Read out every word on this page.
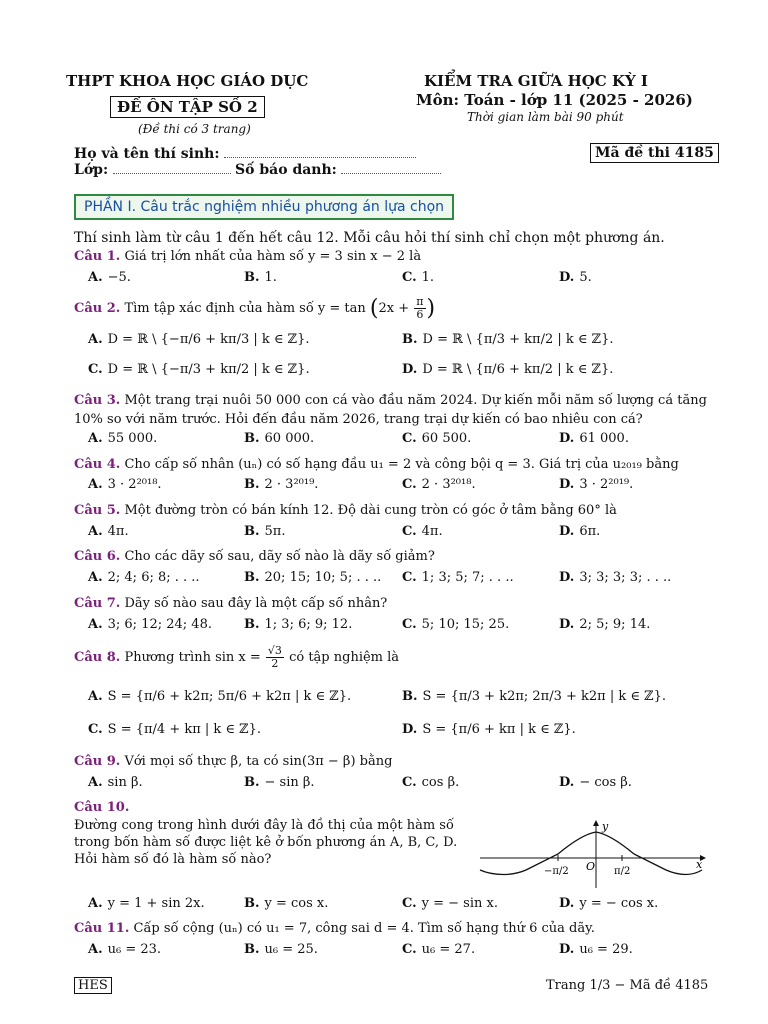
THPT KHOA HỌC GIÁO DỤC
ĐỀ ÔN TẬP SỐ 2
(Đề thi có 3 trang)
KIỂM TRA GIỮA HỌC KỲ I
Môn: Toán - lớp 11 (2025 - 2026)
Thời gian làm bài 90 phút
Họ và tên thí sinh:
Lớp:	Số báo danh:
Mã đề thi 4185
PHẦN I. Câu trắc nghiệm nhiều phương án lựa chọn
Thí sinh làm từ câu 1 đến hết câu 12. Mỗi câu hỏi thí sinh chỉ chọn một phương án.
Câu 1. Giá trị lớn nhất của hàm số y = 3 sin x − 2 là
A. −5.	B. 1.	C. 1.	D. 5.
Câu 2. Tìm tập xác định của hàm số $y = \tan (2x + \frac{\pi}{6}$ )
A. D = ℝ \ {−π/6 + kπ/3 | k ∈ ℤ}.	B. D = ℝ \ {π/3 + kπ/2 | k ∈ ℤ}.
C. D = ℝ \ {−π/3 + kπ/2 | k ∈ ℤ}.	D. D = ℝ \ {π/6 + kπ/2 | k ∈ ℤ}.
Câu 3. Một trang trại nuôi 50 000 con cá vào đầu năm 2024. Dự kiến mỗi năm số lượng cá tăng
10% so với năm trước. Hỏi đến đầu năm 2026, trang trại dự kiến có bao nhiêu con cá?
A. 55 000.	B. 60 000.	C. 60 500.	D. 61 000.
Câu 4. Cho cấp số nhân (uₙ) có số hạng đầu u₁ = 2 và công bội q = 3. Giá trị của u₂₀₁₉ bằng
A. 3 · 2²⁰¹⁸.	B. 2 · 3²⁰¹⁹.	C. 2 · 3²⁰¹⁸.	D. 3 · 2²⁰¹⁹.
Câu 5. Một đường tròn có bán kính 12. Độ dài cung tròn có góc ở tâm bằng 60° là
A. 4π.	B. 5π.	C. 4π.	D. 6π.
Câu 6. Cho các dãy số sau, dãy số nào là dãy số giảm?
A. 2; 4; 6; 8; . . ..	B. 20; 15; 10; 5; . . .. C. 1; 3; 5; 7; . . ..	D. 3; 3; 3; 3; . . ..
Câu 7. Dãy số nào sau đây là một cấp số nhân?
A. 3; 6; 12; 24; 48. B. 1; 3; 6; 9; 12.	C. 5; 10; 15; 25.	D. 2; 5; 9; 14.
Câu 8. Phương trình $\sin x = \frac{√3}{2}$ có tập nghiệm là
A. S = {π/6 + k2π; 5π/6 + k2π | k ∈ ℤ}.	B. S = {π/3 + k2π; 2π/3 + k2π | k ∈ ℤ}.
C. S = {π/4 + kπ | k ∈ ℤ}.	D. S = {π/6 + kπ | k ∈ ℤ}.
Câu 9. Với mọi số thực β, ta có sin(3π − β) bằng
A. sin β.	B. − sin β.	C. cos β.	D. − cos β.
Câu 10.
Đường cong trong hình dưới đây là đồ thị của một hàm số
trong bốn hàm số được liệt kê ở bốn phương án A, B, C, D.
Hỏi hàm số đó là hàm số nào?
y
x
O
−π/2	π/2
A. y = 1 + sin 2x.	B. y = cos x.	C. y = − sin x.	D. y = − cos x.
Câu 11. Cấp số cộng (uₙ) có u₁ = 7, công sai d = 4. Tìm số hạng thứ 6 của dãy.
A. u₆ = 23.	B. u₆ = 25.	C. u₆ = 27.	D. u₆ = 29.
HES	Trang 1/3 − Mã đề 4185
